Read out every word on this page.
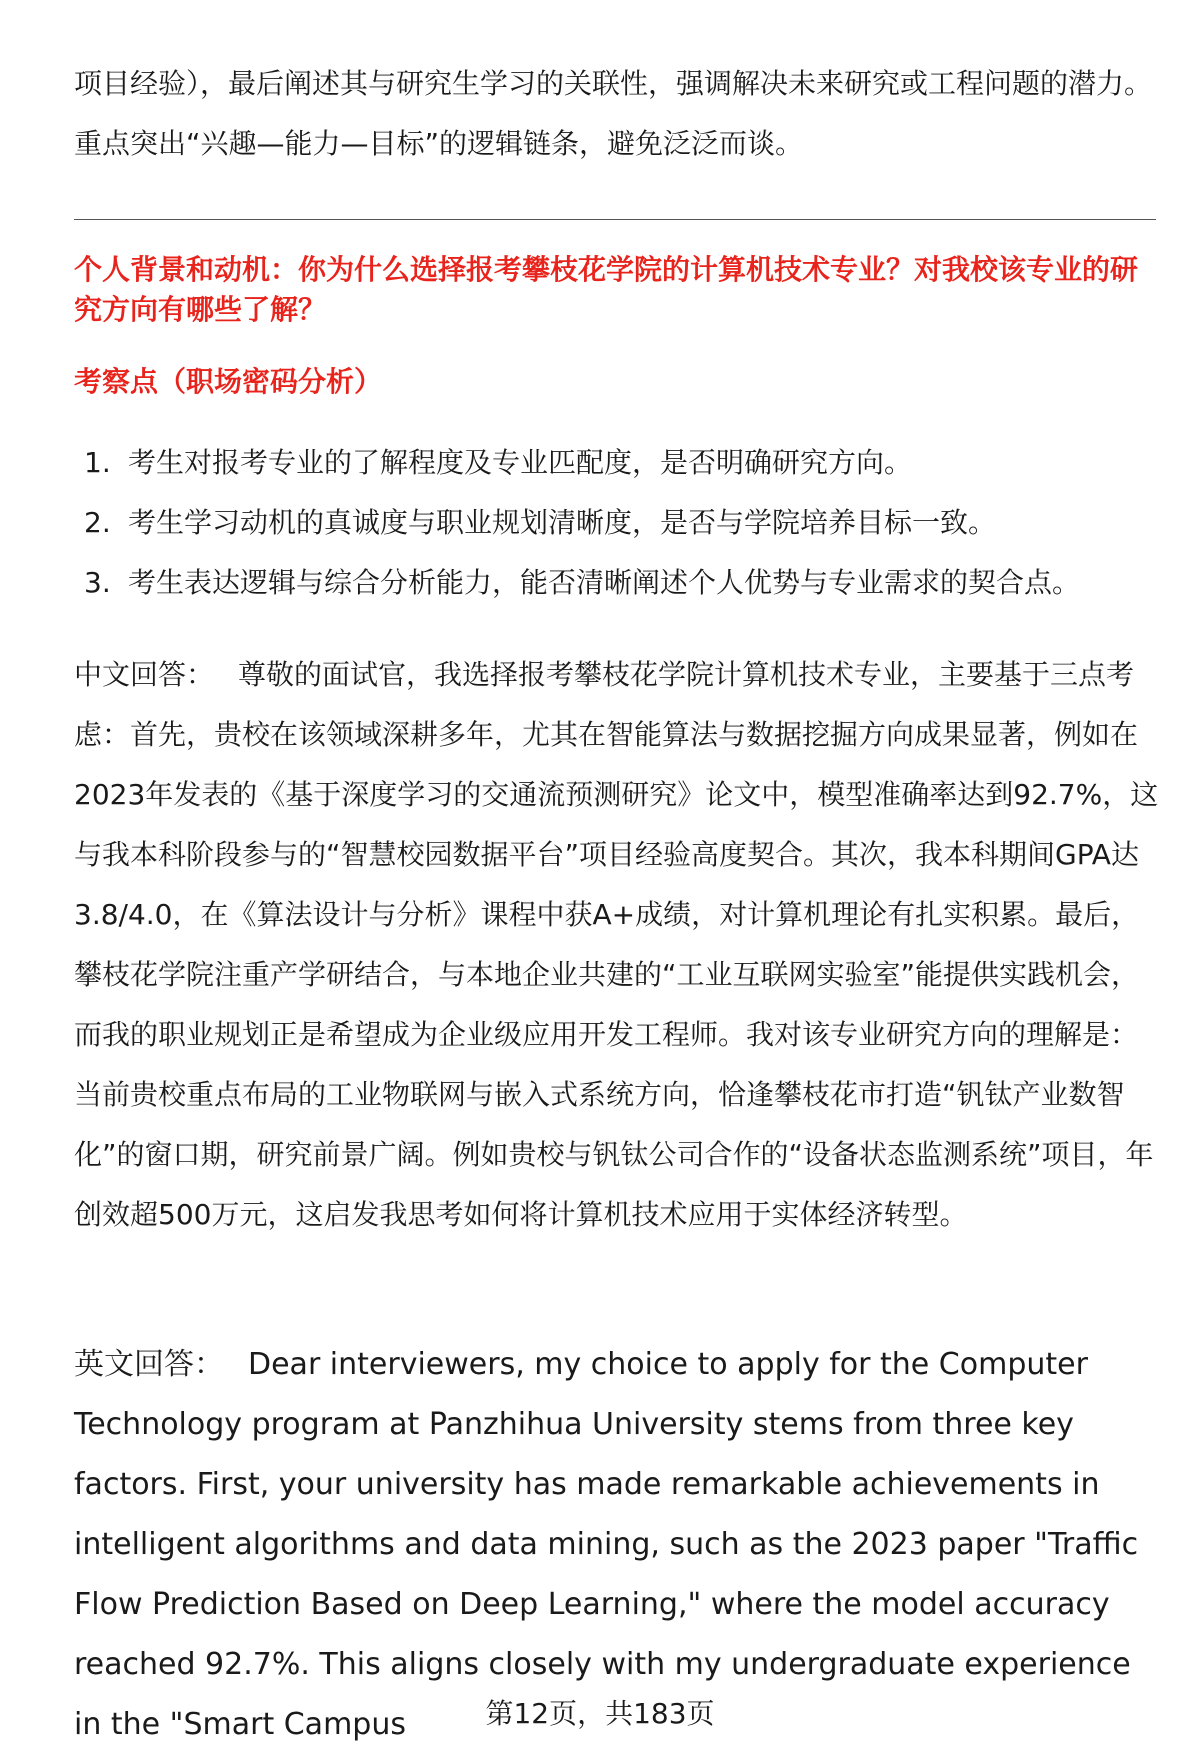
项目经验），最后阐述其与研究生学习的关联性，强调解决未来研究或工程问题的潜力。重点突出“兴趣—能力—目标”的逻辑链条，避免泛泛而谈。

个人背景和动机：你为什么选择报考攀枝花学院的计算机技术专业？对我校该专业的研究方向有哪些了解？

考察点（职场密码分析）

1. 考生对报考专业的了解程度及专业匹配度，是否明确研究方向。
2. 考生学习动机的真诚度与职业规划清晰度，是否与学院培养目标一致。
3. 考生表达逻辑与综合分析能力，能否清晰阐述个人优势与专业需求的契合点。

中文回答： 尊敬的面试官，我选择报考攀枝花学院计算机技术专业，主要基于三点考虑：首先，贵校在该领域深耕多年，尤其在智能算法与数据挖掘方向成果显著，例如在2023年发表的《基于深度学习的交通流预测研究》论文中，模型准确率达到92.7%，这与我本科阶段参与的“智慧校园数据平台”项目经验高度契合。其次，我本科期间GPA达3.8/4.0，在《算法设计与分析》课程中获A+成绩，对计算机理论有扎实积累。最后，攀枝花学院注重产学研结合，与本地企业共建的“工业互联网实验室”能提供实践机会，而我的职业规划正是希望成为企业级应用开发工程师。我对该专业研究方向的理解是：当前贵校重点布局的工业物联网与嵌入式系统方向，恰逢攀枝花市打造“钒钛产业数智化”的窗口期，研究前景广阔。例如贵校与钒钛公司合作的“设备状态监测系统”项目，年创效超500万元，这启发我思考如何将计算机技术应用于实体经济转型。

英文回答： Dear interviewers, my choice to apply for the Computer Technology program at Panzhihua University stems from three key factors. First, your university has made remarkable achievements in intelligent algorithms and data mining, such as the 2023 paper "Traffic Flow Prediction Based on Deep Learning," where the model accuracy reached 92.7%. This aligns closely with my undergraduate experience in the "Smart Campus	第12页，共183页
